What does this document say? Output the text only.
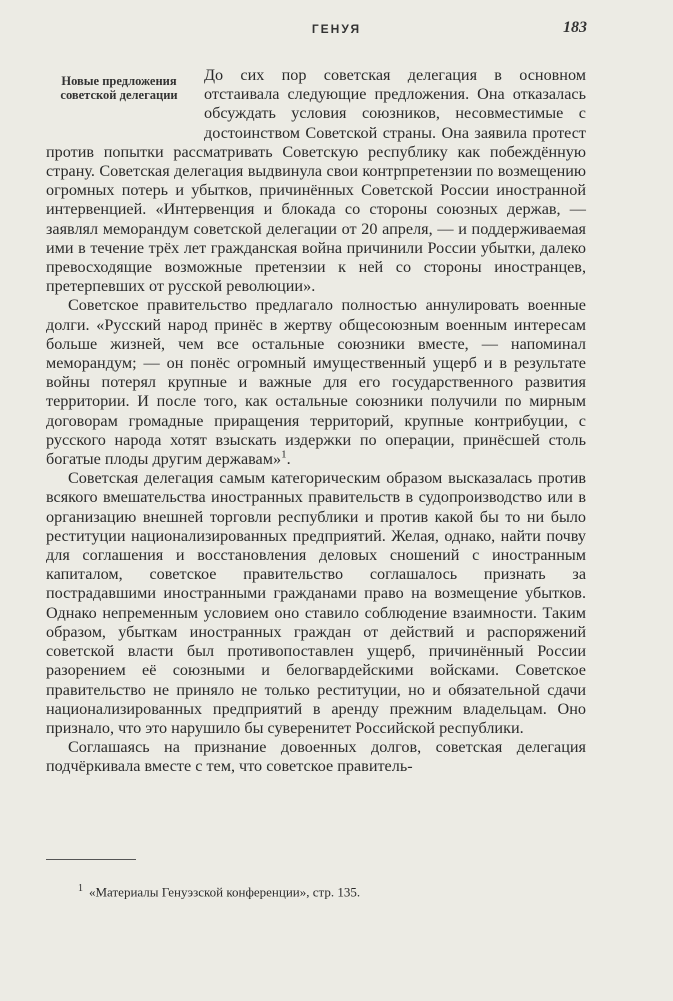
ГЕНУЯ	183
Новые предложения советской делегации

До сих пор советская делегация в основном отстаивала следующие предложения. Она отказалась обсуждать условия союзников, несовместимые с достоинством Советской страны. Она заявила протест против попытки рассматривать Советскую республику как побеждённую страну. Советская делегация выдвинула свои контрпретензии по возмещению огромных потерь и убытков, причинённых Советской России иностранной интервенцией. «Интервенция и блокада со стороны союзных держав, — заявлял меморандум советской делегации от 20 апреля, — и поддерживаемая ими в течение трёх лет гражданская война причинили России убытки, далеко превосходящие возможные претензии к ней со стороны иностранцев, претерпевших от русской революции».

Советское правительство предлагало полностью аннулировать военные долги. «Русский народ принёс в жертву общесоюзным военным интересам больше жизней, чем все остальные союзники вместе, — напоминал меморандум; — он понёс огромный имущественный ущерб и в результате войны потерял крупные и важные для его государственного развития территории. И после того, как остальные союзники получили по мирным договорам громадные приращения территорий, крупные контрибуции, с русского народа хотят взыскать издержки по операции, принёсшей столь богатые плоды другим державам»$^1$.

Советская делегация самым категорическим образом высказалась против всякого вмешательства иностранных правительств в судопроизводство или в организацию внешней торговли республики и против какой бы то ни было реституции национализированных предприятий. Желая, однако, найти почву для соглашения и восстановления деловых сношений с иностранным капиталом, советское правительство соглашалось признать за пострадавшими иностранными гражданами право на возмещение убытков. Однако непременным условием оно ставило соблюдение взаимности. Таким образом, убыткам иностранных граждан от действий и распоряжений советской власти был противопоставлен ущерб, причинённый России разорением её союзными и белогвардейскими войсками. Советское правительство не приняло не только реституции, но и обязательной сдачи национализированных предприятий в аренду прежним владельцам. Оно признало, что это нарушило бы суверенитет Российской республики.

Соглашаясь на признание довоенных долгов, советская делегация подчёркивала вместе с тем, что советское правитель-

$^1$ «Материалы Генуэзской конференции», стр. 135.
